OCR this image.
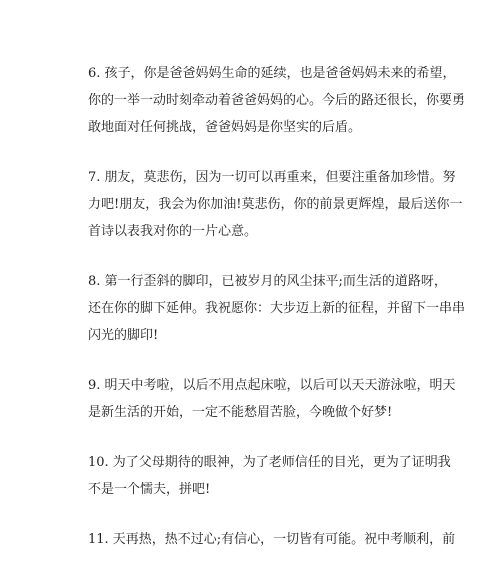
6. 孩子，你是爸爸妈妈生命的延续，也是爸爸妈妈未来的希望，
你的一举一动时刻牵动着爸爸妈妈的心。今后的路还很长，你要勇
敢地面对任何挑战，爸爸妈妈是你坚实的后盾。

7. 朋友，莫悲伤，因为一切可以再重来，但要注重备加珍惜。努
力吧!朋友，我会为你加油!莫悲伤，你的前景更辉煌，最后送你一
首诗以表我对你的一片心意。

8. 第一行歪斜的脚印，已被岁月的风尘抹平;而生活的道路呀，
还在你的脚下延伸。我祝愿你：大步迈上新的征程，并留下一串串
闪光的脚印!

9. 明天中考啦，以后不用点起床啦，以后可以天天游泳啦，明天
是新生活的开始，一定不能愁眉苦脸，今晚做个好梦!

10. 为了父母期待的眼神，为了老师信任的目光，更为了证明我
不是一个懦夫，拼吧!

11. 天再热，热不过心;有信心，一切皆有可能。祝中考顺利，前
